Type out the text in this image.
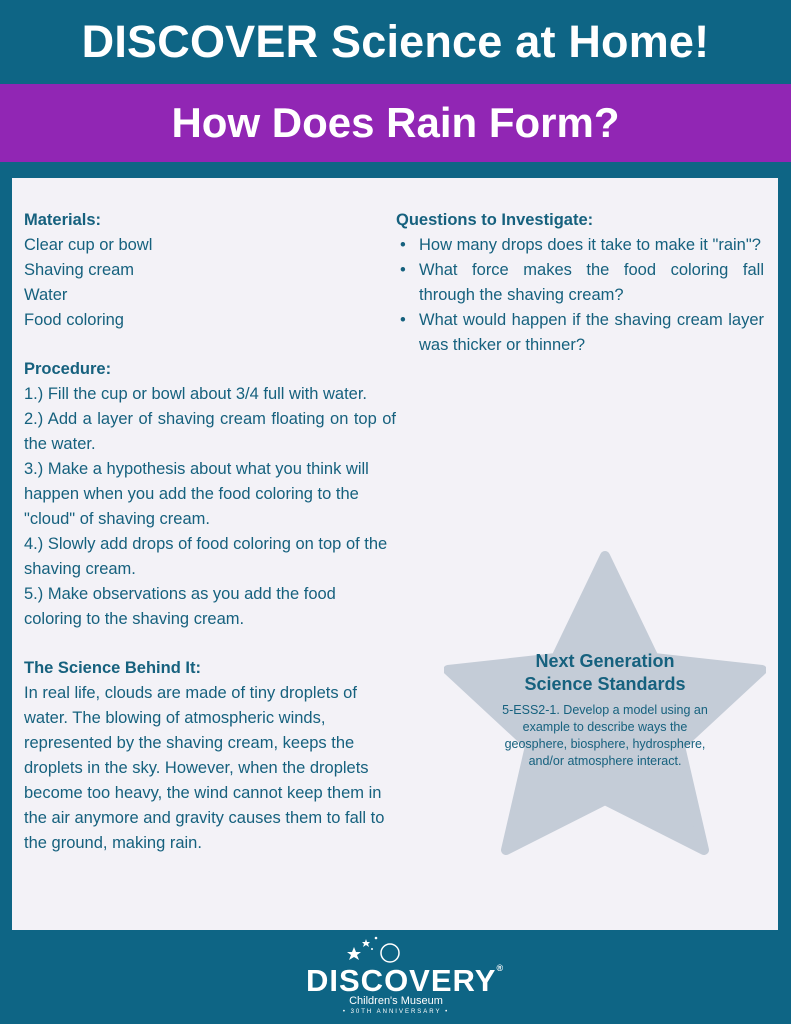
DISCOVER Science at Home!
How Does Rain Form?
Materials:
Clear cup or bowl
Shaving cream
Water
Food coloring
Procedure:
1.) Fill the cup or bowl about 3/4 full with water.
2.) Add a layer of shaving cream floating on top of the water.
3.) Make a hypothesis about what you think will happen when you add the food coloring to the "cloud" of shaving cream.
4.) Slowly add drops of food coloring on top of the shaving cream.
5.) Make observations as you add the food coloring to the shaving cream.
The Science Behind It:
In real life, clouds are made of tiny droplets of water. The blowing of atmospheric winds, represented by the shaving cream, keeps the droplets in the sky. However, when the droplets become too heavy, the wind cannot keep them in the air anymore and gravity causes them to fall to the ground, making rain.
Questions to Investigate:
• How many drops does it take to make it "rain"?
• What force makes the food coloring fall through the shaving cream?
• What would happen if the shaving cream layer was thicker or thinner?
Next Generation
Science Standards
5-ESS2-1. Develop a model using an example to describe ways the geosphere, biosphere, hydrosphere, and/or atmosphere interact.
DISCOVERY®
Children's Museum
• 30TH ANNIVERSARY •
